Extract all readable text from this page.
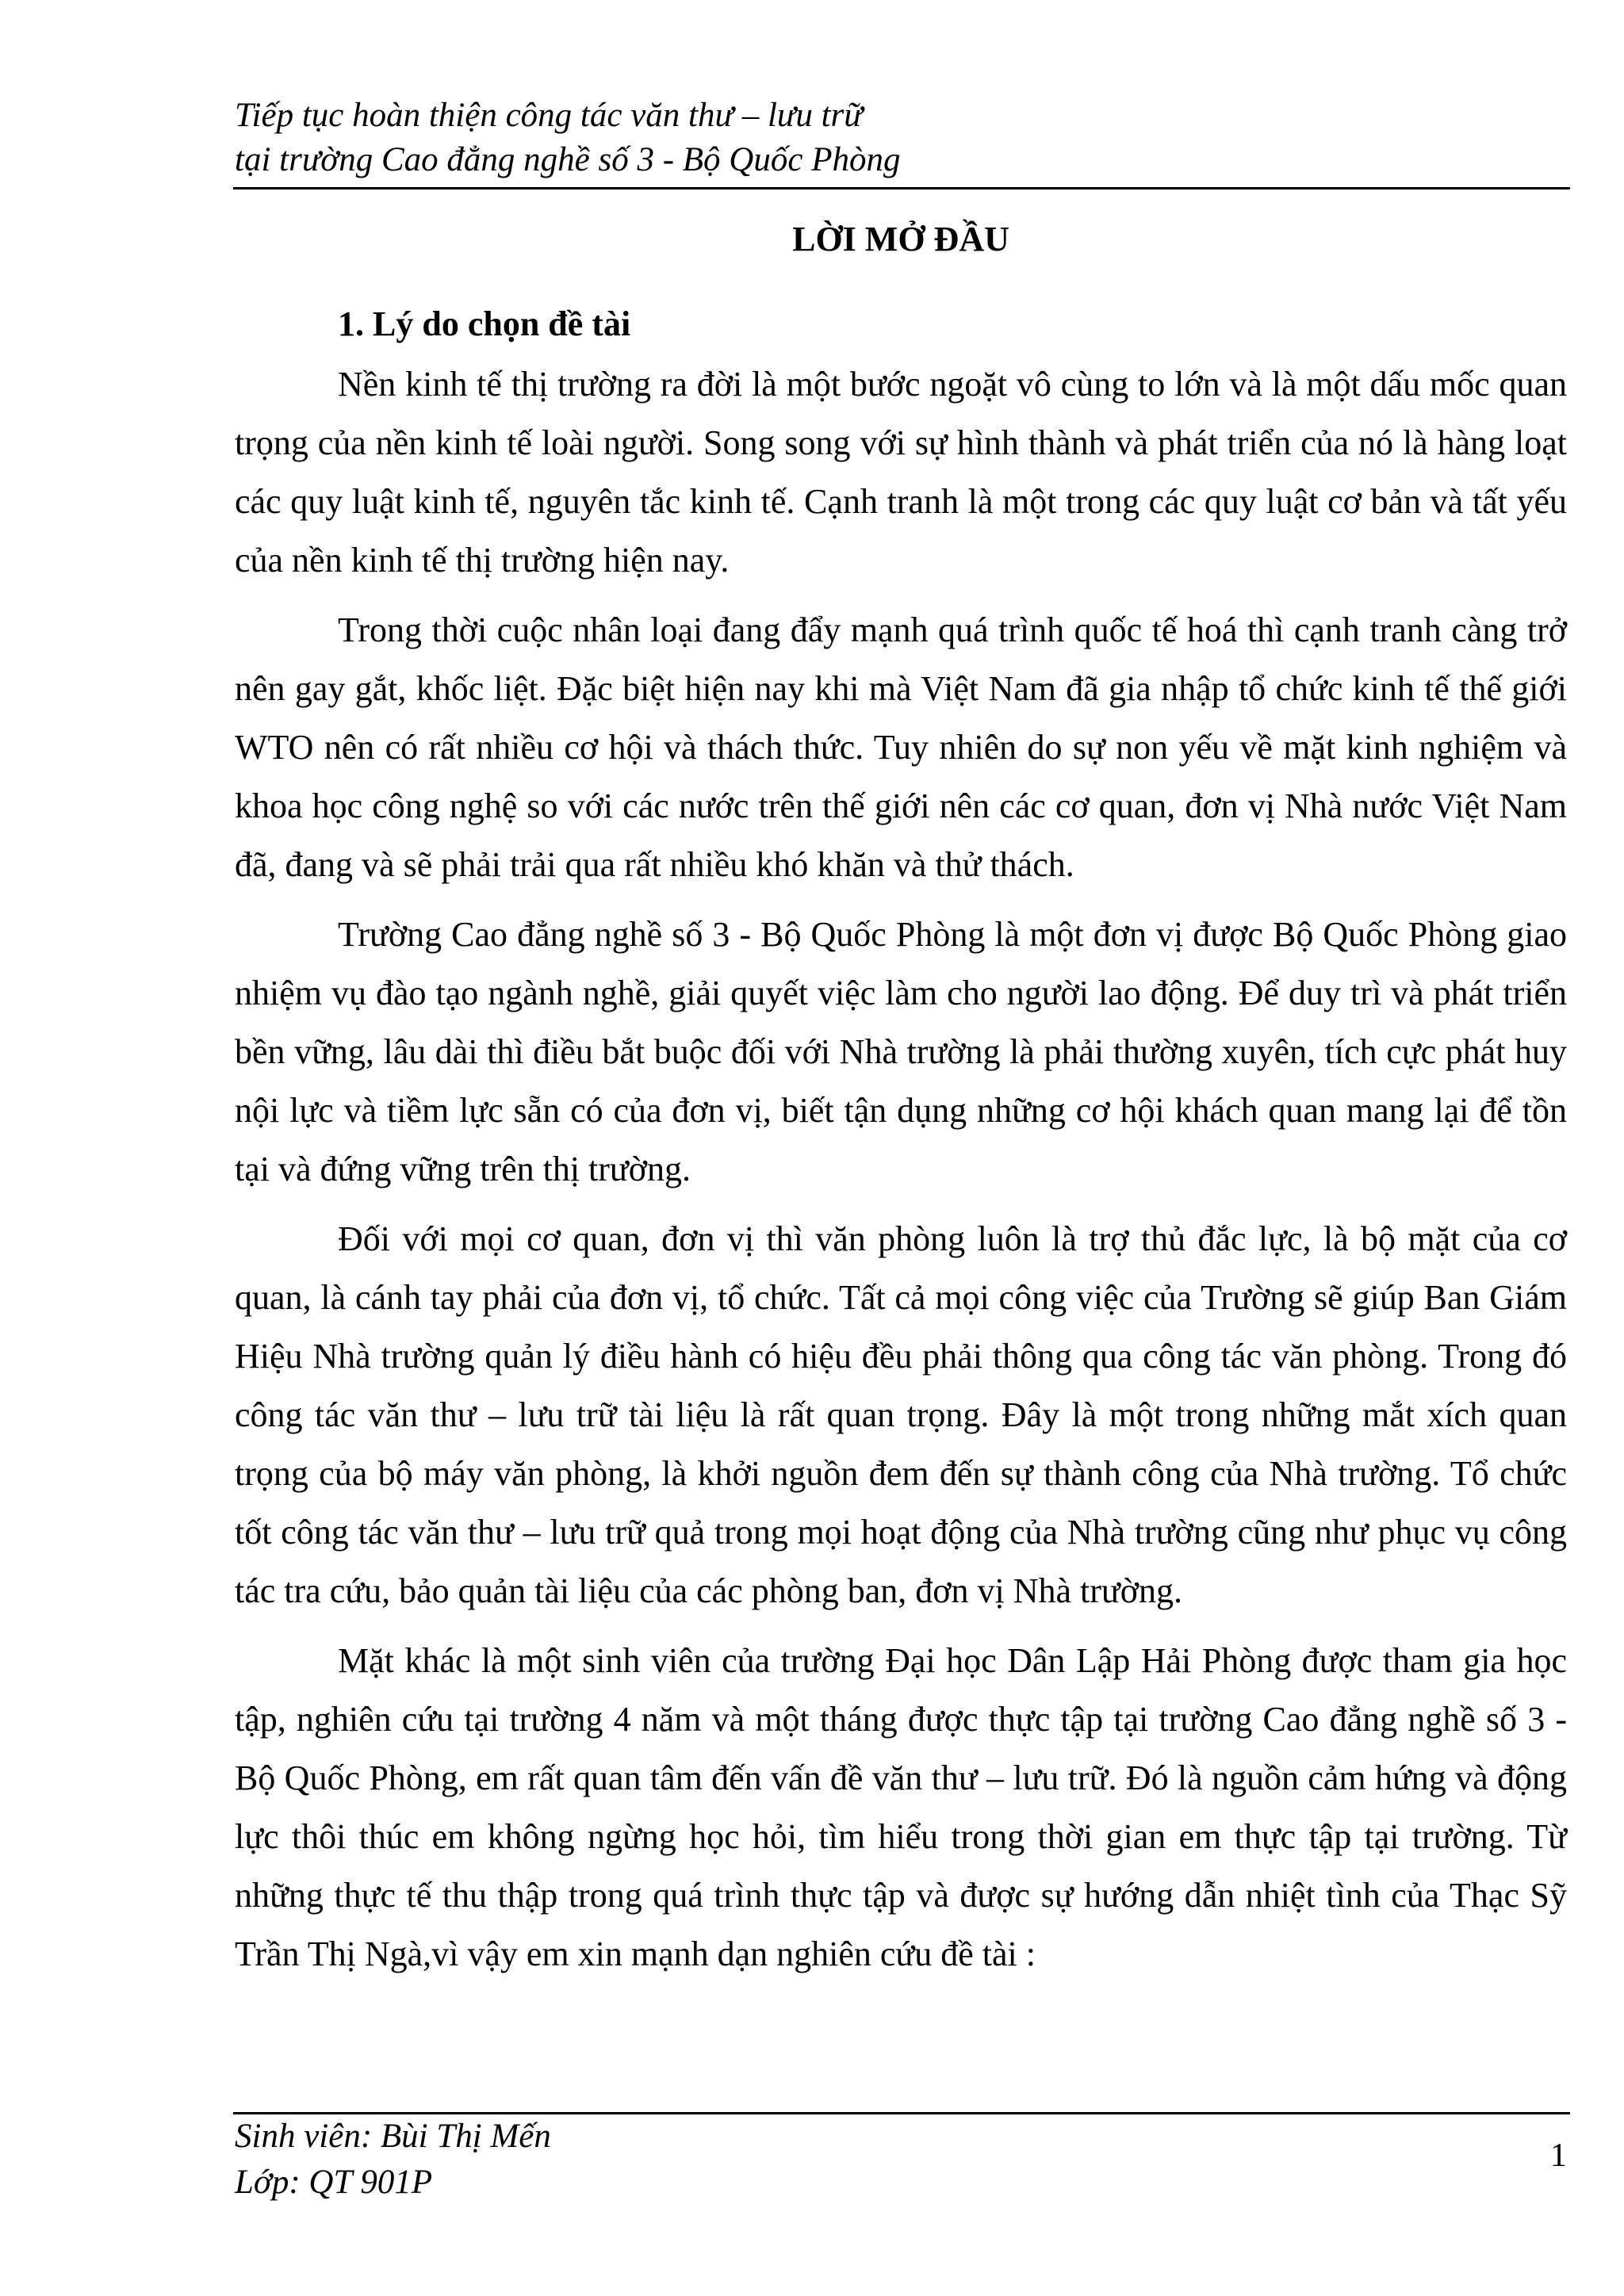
Tiếp tục hoàn thiện công tác văn thư – lưu trữ
tại trường Cao đẳng nghề số 3 - Bộ Quốc Phòng
LỜI MỞ ĐẦU
1. Lý do chọn đề tài

Nền kinh tế thị trường ra đời là một bước ngoặt vô cùng to lớn và là một dấu mốc quan trọng của nền kinh tế loài người. Song song với sự hình thành và phát triển của nó là hàng loạt các quy luật kinh tế, nguyên tắc kinh tế. Cạnh tranh là một trong các quy luật cơ bản và tất yếu của nền kinh tế thị trường hiện nay.

Trong thời cuộc nhân loại đang đẩy mạnh quá trình quốc tế hoá thì cạnh tranh càng trở nên gay gắt, khốc liệt. Đặc biệt hiện nay khi mà Việt Nam đã gia nhập tổ chức kinh tế thế giới WTO nên có rất nhiều cơ hội và thách thức. Tuy nhiên do sự non yếu về mặt kinh nghiệm và khoa học công nghệ so với các nước trên thế giới nên các cơ quan, đơn vị Nhà nước Việt Nam đã, đang và sẽ phải trải qua rất nhiều khó khăn và thử thách.

Trường Cao đẳng nghề số 3 - Bộ Quốc Phòng là một đơn vị được Bộ Quốc Phòng giao nhiệm vụ đào tạo ngành nghề, giải quyết việc làm cho người lao động. Để duy trì và phát triển bền vững, lâu dài thì điều bắt buộc đối với Nhà trường là phải thường xuyên, tích cực phát huy nội lực và tiềm lực sẵn có của đơn vị, biết tận dụng những cơ hội khách quan mang lại để tồn tại và đứng vững trên thị trường.

Đối với mọi cơ quan, đơn vị thì văn phòng luôn là trợ thủ đắc lực, là bộ mặt của cơ quan, là cánh tay phải của đơn vị, tổ chức. Tất cả mọi công việc của Trường sẽ giúp Ban Giám Hiệu Nhà trường quản lý điều hành có hiệu đều phải thông qua công tác văn phòng. Trong đó công tác văn thư – lưu trữ tài liệu là rất quan trọng. Đây là một trong những mắt xích quan trọng của bộ máy văn phòng, là khởi nguồn đem đến sự thành công của Nhà trường. Tổ chức tốt công tác văn thư – lưu trữ quả trong mọi hoạt động của Nhà trường cũng như phục vụ công tác tra cứu, bảo quản tài liệu của các phòng ban, đơn vị Nhà trường.

Mặt khác là một sinh viên của trường Đại học Dân Lập Hải Phòng được tham gia học tập, nghiên cứu tại trường 4 năm và một tháng được thực tập tại trường Cao đẳng nghề số 3 - Bộ Quốc Phòng, em rất quan tâm đến vấn đề văn thư – lưu trữ. Đó là nguồn cảm hứng và động lực thôi thúc em không ngừng học hỏi, tìm hiểu trong thời gian em thực tập tại trường. Từ những thực tế thu thập trong quá trình thực tập và được sự hướng dẫn nhiệt tình của Thạc Sỹ Trần Thị Ngà,vì vậy em xin mạnh dạn nghiên cứu đề tài :

Sinh viên: Bùi Thị Mến
Lớp: QT 901P
1
